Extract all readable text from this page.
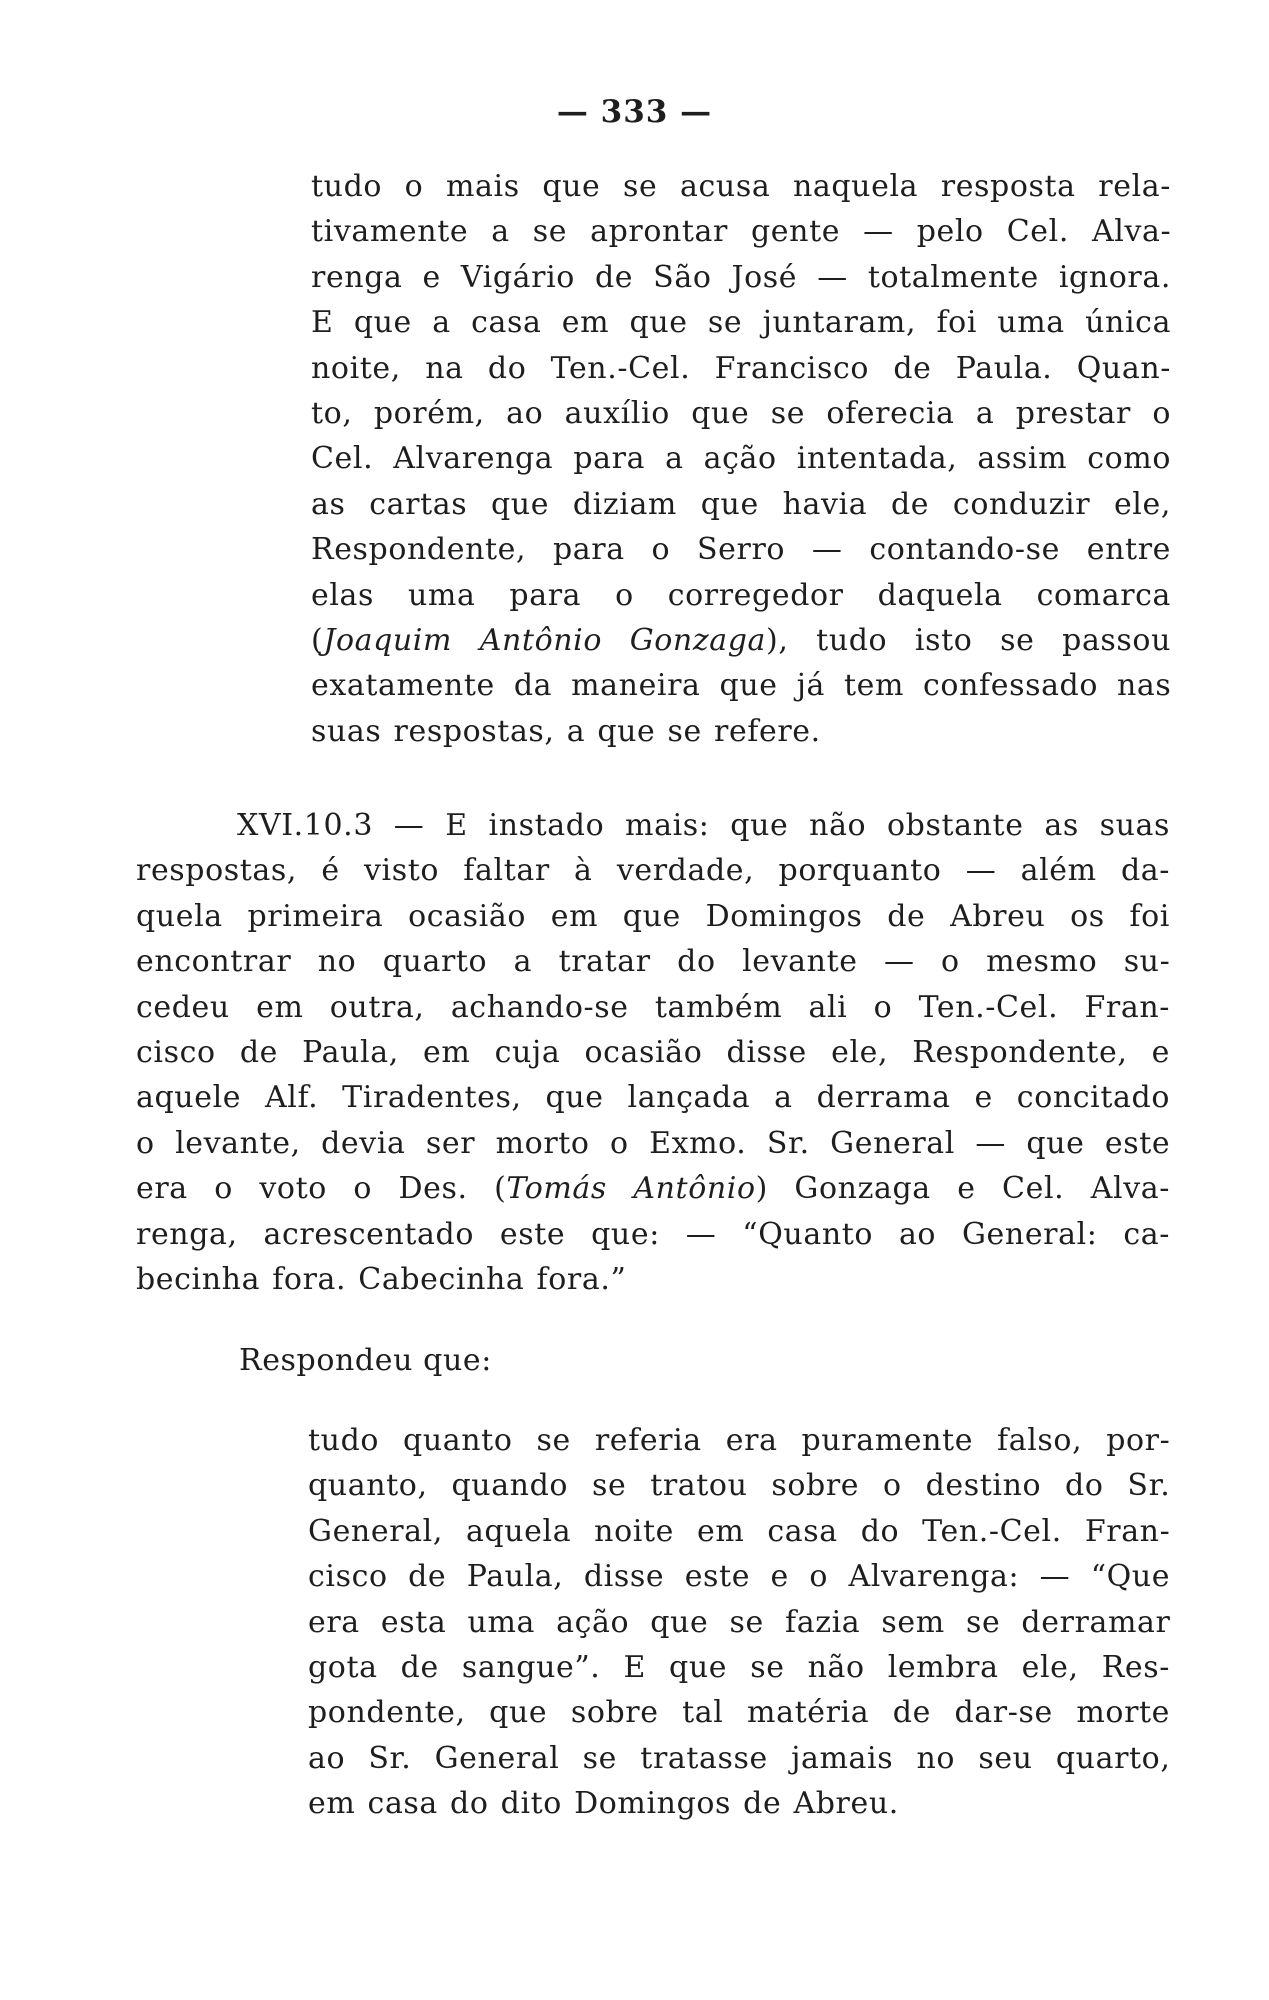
— 333 —
tudo o mais que se acusa naquela resposta rela-
tivamente a se aprontar gente — pelo Cel. Alva-
renga e Vigário de São José — totalmente ignora.
E que a casa em que se juntaram, foi uma única
noite, na do Ten.-Cel. Francisco de Paula. Quan-
to, porém, ao auxílio que se oferecia a prestar o
Cel. Alvarenga para a ação intentada, assim como
as cartas que diziam que havia de conduzir ele,
Respondente, para o Serro — contando-se entre
elas uma para o corregedor daquela comarca
(Joaquim Antônio Gonzaga), tudo isto se passou
exatamente da maneira que já tem confessado nas
suas respostas, a que se refere.
XVI.10.3 — E instado mais: que não obstante as suas
respostas, é visto faltar à verdade, porquanto — além da-
quela primeira ocasião em que Domingos de Abreu os foi
encontrar no quarto a tratar do levante — o mesmo su-
cedeu em outra, achando-se também ali o Ten.-Cel. Fran-
cisco de Paula, em cuja ocasião disse ele, Respondente, e
aquele Alf. Tiradentes, que lançada a derrama e concitado
o levante, devia ser morto o Exmo. Sr. General — que este
era o voto o Des. (Tomás Antônio) Gonzaga e Cel. Alva-
renga, acrescentado este que: — “Quanto ao General: ca-
becinha fora. Cabecinha fora.”
Respondeu que:
tudo quanto se referia era puramente falso, por-
quanto, quando se tratou sobre o destino do Sr.
General, aquela noite em casa do Ten.-Cel. Fran-
cisco de Paula, disse este e o Alvarenga: — “Que
era esta uma ação que se fazia sem se derramar
gota de sangue”. E que se não lembra ele, Res-
pondente, que sobre tal matéria de dar-se morte
ao Sr. General se tratasse jamais no seu quarto,
em casa do dito Domingos de Abreu.
